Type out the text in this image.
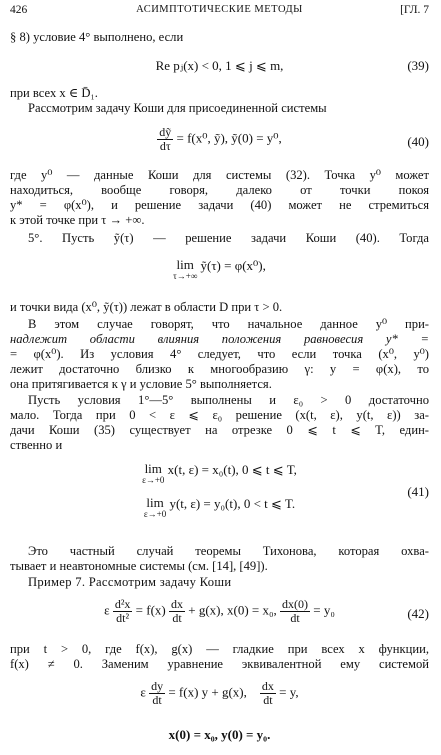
426	АСИМПТОТИЧЕСКИЕ МЕТОДЫ	[ГЛ. 7
§ 8) условие 4° выполнено, если
Re pⱼ(x) < 0, 1 ⩽ j ⩽ m,	(39)
при всех x ∈ D̄₁.
Рассмотрим задачу Коши для присоединенной системы
$\frac{\text{dỹ}}{d\tau} = f(x^0$, ỹ), ỹ(0) = y⁰,	(40)
где y⁰ — данные Коши для системы (32). Точка y⁰ может
находиться, вообще говоря, далеко от точки покоя
y* = φ(x⁰), и решение задачи (40) может не стремиться
к этой точке при τ → +∞.
5°. Пусть ỹ(τ) — решение задачи Коши (40). Тогда
lim
τ→+∞
ỹ(τ) = φ(x⁰),
и точки вида (x⁰, ỹ(τ)) лежат в области D при τ > 0.
В этом случае говорят, что начальное данное y⁰ при-
надлежит области влияния положения равновесия y* =
= φ(x⁰). Из условия 4° следует, что если точка (x⁰, y⁰)
лежит достаточно близко к многообразию γ: y = φ(x), то
она притягивается к γ и условие 5° выполняется.
Пусть условия 1°—5° выполнены и ε₀ > 0 достаточно
мало. Тогда при 0 < ε ⩽ ε₀ решение (x(t, ε), y(t, ε)) за-
дачи Коши (35) существует на отрезке 0 ⩽ t ⩽ T, един-
ственно и
lim
ε→+0
x(t, ε) = x₀(t), 0 ⩽ t ⩽ T,
lim
ε→+0
y(t, ε) = y₀(t), 0 < t ⩽ T.
(41)
Это частный случай теоремы Тихонова, которая охва-
тывает и неавтономные системы (см. [14], [49]).
Пример 7. Рассмотрим задачу Коши
ε $\frac{\text{d²x}}{\text{dt²}} = f(x) \frac{dx}{dt} + g(x)$, x(0) = x₀, $\frac{dx(0)}{dt} = y_0$	(42)
при t > 0, где f(x), g(x) — гладкие при всех x функции,
f(x) ≠ 0. Заменим уравнение эквивалентной ему системой
ε $\frac{dy}{dt} = f(x) y + g(x)$, $\frac{dx}{dt} = y$,
x(0) = x₀, y(0) = y₀.
